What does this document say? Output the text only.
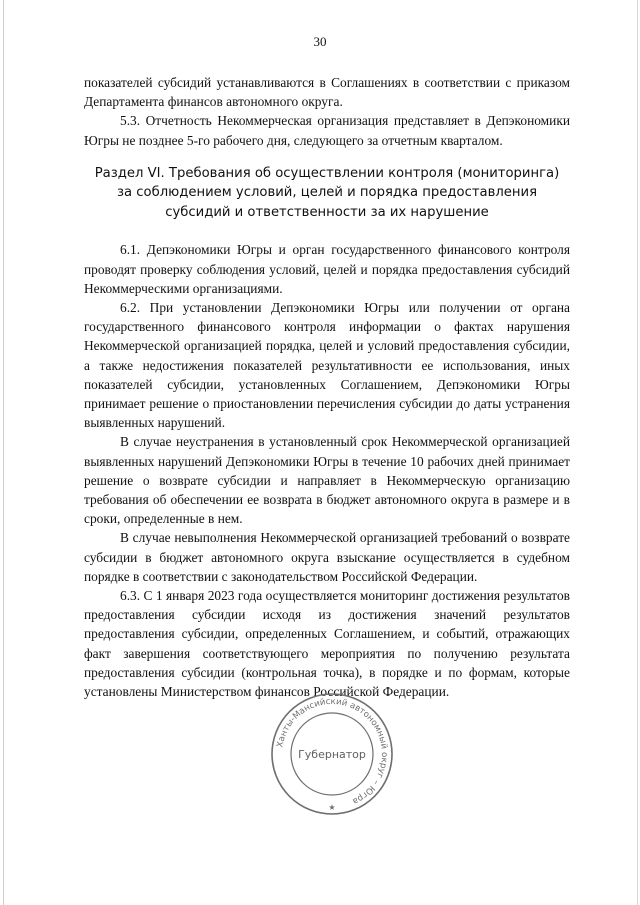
30

показателей субсидий устанавливаются в Соглашениях в соответствии с приказом Департамента финансов автономного округа.

5.3. Отчетность Некоммерческая организация представляет в Депэкономики Югры не позднее 5-го рабочего дня, следующего за отчетным кварталом.

Раздел VI. Требования об осуществлении контроля (мониторинга)
за соблюдением условий, целей и порядка предоставления
субсидий и ответственности за их нарушение

6.1. Депэкономики Югры и орган государственного финансового контроля проводят проверку соблюдения условий, целей и порядка предоставления субсидий Некоммерческими организациями.

6.2. При установлении Депэкономики Югры или получении от органа государственного финансового контроля информации о фактах нарушения Некоммерческой организацией порядка, целей и условий предоставления субсидии, а также недостижения показателей результативности ее использования, иных показателей субсидии, установленных Соглашением, Депэкономики Югры принимает решение о приостановлении перечисления субсидии до даты устранения выявленных нарушений.

В случае неустранения в установленный срок Некоммерческой организацией выявленных нарушений Депэкономики Югры в течение 10 рабочих дней принимает решение о возврате субсидии и направляет в Некоммерческую организацию требования об обеспечении ее возврата в бюджет автономного округа в размере и в сроки, определенные в нем.

В случае невыполнения Некоммерческой организацией требований о возврате субсидии в бюджет автономного округа взыскание осуществляется в судебном порядке в соответствии с законодательством Российской Федерации.

6.3. С 1 января 2023 года осуществляется мониторинг достижения результатов предоставления субсидии исходя из достижения значений результатов предоставления субсидии, определенных Соглашением, и событий, отражающих факт завершения соответствующего мероприятия по получению результата предоставления субсидии (контрольная точка), в порядке и по формам, которые установлены Министерством финансов Российской Федерации.

Ханты-Мансийский автономный округ – Югра
Губернатор
★
